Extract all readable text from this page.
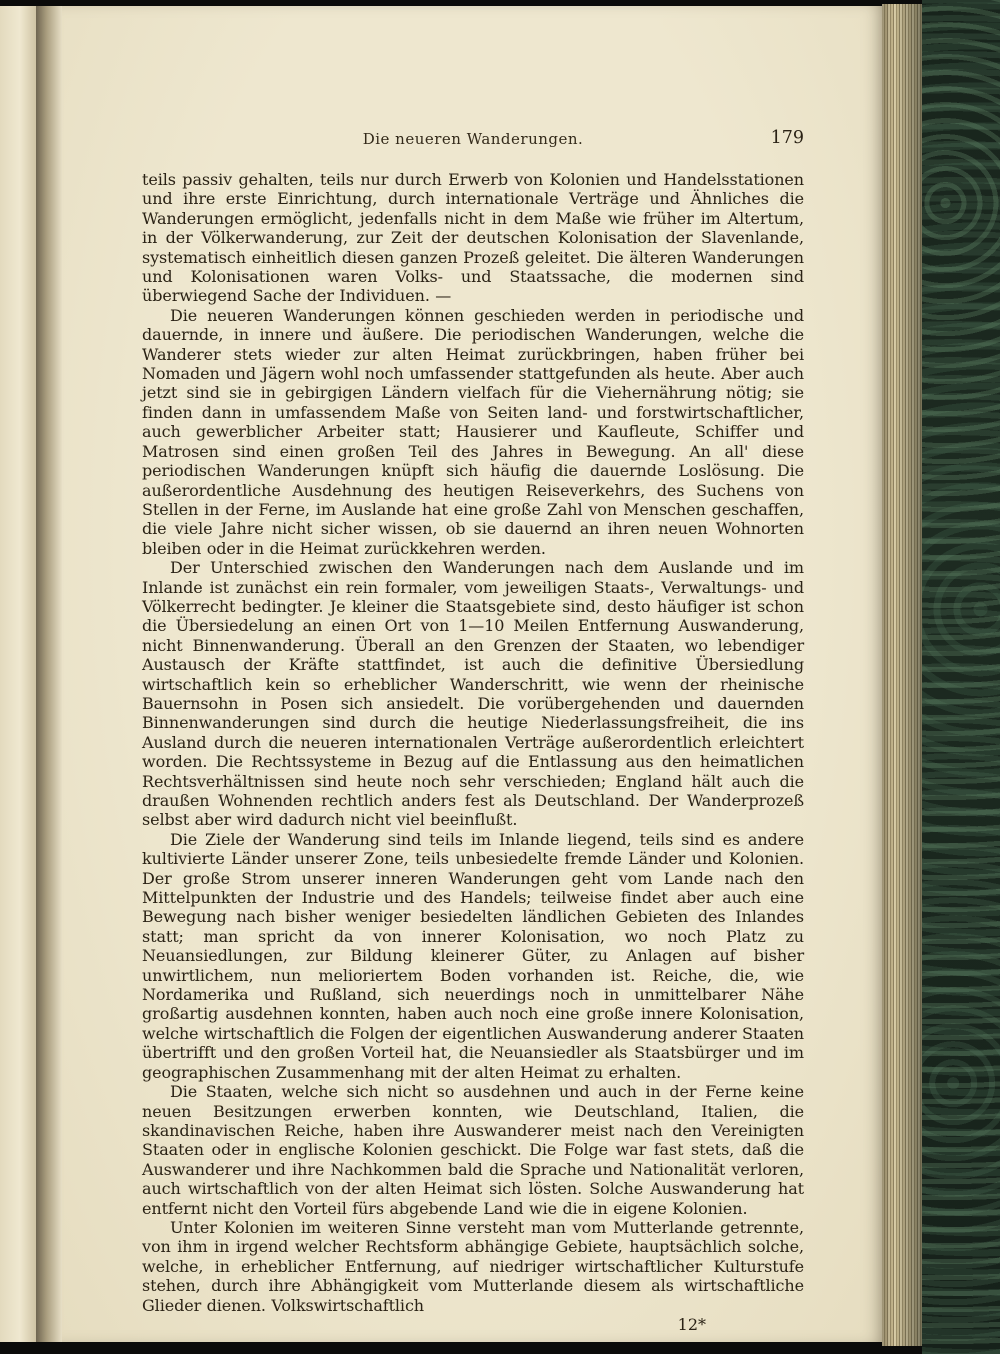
Die neueren Wanderungen.	179

teils passiv gehalten, teils nur durch Erwerb von Kolonien und Handelsstationen und ihre erste Einrichtung, durch internationale Verträge und Ähnliches die Wanderungen ermöglicht, jedenfalls nicht in dem Maße wie früher im Altertum, in der Völkerwanderung, zur Zeit der deutschen Kolonisation der Slavenlande, systematisch einheitlich diesen ganzen Prozeß geleitet. Die älteren Wanderungen und Kolonisationen waren Volks- und Staatssache, die modernen sind überwiegend Sache der Individuen. —

Die neueren Wanderungen können geschieden werden in periodische und dauernde, in innere und äußere. Die periodischen Wanderungen, welche die Wanderer stets wieder zur alten Heimat zurückbringen, haben früher bei Nomaden und Jägern wohl noch umfassender stattgefunden als heute. Aber auch jetzt sind sie in gebirgigen Ländern vielfach für die Viehernährung nötig; sie finden dann in umfassendem Maße von Seiten land- und forstwirtschaftlicher, auch gewerblicher Arbeiter statt; Hausierer und Kaufleute, Schiffer und Matrosen sind einen großen Teil des Jahres in Bewegung. An all' diese periodischen Wanderungen knüpft sich häufig die dauernde Loslösung. Die außerordentliche Ausdehnung des heutigen Reiseverkehrs, des Suchens von Stellen in der Ferne, im Auslande hat eine große Zahl von Menschen geschaffen, die viele Jahre nicht sicher wissen, ob sie dauernd an ihren neuen Wohnorten bleiben oder in die Heimat zurückkehren werden.

Der Unterschied zwischen den Wanderungen nach dem Auslande und im Inlande ist zunächst ein rein formaler, vom jeweiligen Staats-, Verwaltungs- und Völkerrecht bedingter. Je kleiner die Staatsgebiete sind, desto häufiger ist schon die Übersiedelung an einen Ort von 1—10 Meilen Entfernung Auswanderung, nicht Binnenwanderung. Überall an den Grenzen der Staaten, wo lebendiger Austausch der Kräfte stattfindet, ist auch die definitive Übersiedlung wirtschaftlich kein so erheblicher Wanderschritt, wie wenn der rheinische Bauernsohn in Posen sich ansiedelt. Die vorübergehenden und dauernden Binnenwanderungen sind durch die heutige Niederlassungsfreiheit, die ins Ausland durch die neueren internationalen Verträge außerordentlich erleichtert worden. Die Rechtssysteme in Bezug auf die Entlassung aus den heimatlichen Rechtsverhältnissen sind heute noch sehr verschieden; England hält auch die draußen Wohnenden rechtlich anders fest als Deutschland. Der Wanderprozeß selbst aber wird dadurch nicht viel beeinflußt.

Die Ziele der Wanderung sind teils im Inlande liegend, teils sind es andere kultivierte Länder unserer Zone, teils unbesiedelte fremde Länder und Kolonien. Der große Strom unserer inneren Wanderungen geht vom Lande nach den Mittelpunkten der Industrie und des Handels; teilweise findet aber auch eine Bewegung nach bisher weniger besiedelten ländlichen Gebieten des Inlandes statt; man spricht da von innerer Kolonisation, wo noch Platz zu Neuansiedlungen, zur Bildung kleinerer Güter, zu Anlagen auf bisher unwirtlichem, nun melioriertem Boden vorhanden ist. Reiche, die, wie Nordamerika und Rußland, sich neuerdings noch in unmittelbarer Nähe großartig ausdehnen konnten, haben auch noch eine große innere Kolonisation, welche wirtschaftlich die Folgen der eigentlichen Auswanderung anderer Staaten übertrifft und den großen Vorteil hat, die Neuansiedler als Staatsbürger und im geographischen Zusammenhang mit der alten Heimat zu erhalten.

Die Staaten, welche sich nicht so ausdehnen und auch in der Ferne keine neuen Besitzungen erwerben konnten, wie Deutschland, Italien, die skandinavischen Reiche, haben ihre Auswanderer meist nach den Vereinigten Staaten oder in englische Kolonien geschickt. Die Folge war fast stets, daß die Auswanderer und ihre Nachkommen bald die Sprache und Nationalität verloren, auch wirtschaftlich von der alten Heimat sich lösten. Solche Auswanderung hat entfernt nicht den Vorteil fürs abgebende Land wie die in eigene Kolonien.

Unter Kolonien im weiteren Sinne versteht man vom Mutterlande getrennte, von ihm in irgend welcher Rechtsform abhängige Gebiete, hauptsächlich solche, welche, in erheblicher Entfernung, auf niedriger wirtschaftlicher Kulturstufe stehen, durch ihre Abhängigkeit vom Mutterlande diesem als wirtschaftliche Glieder dienen. Volkswirtschaftlich

12*
